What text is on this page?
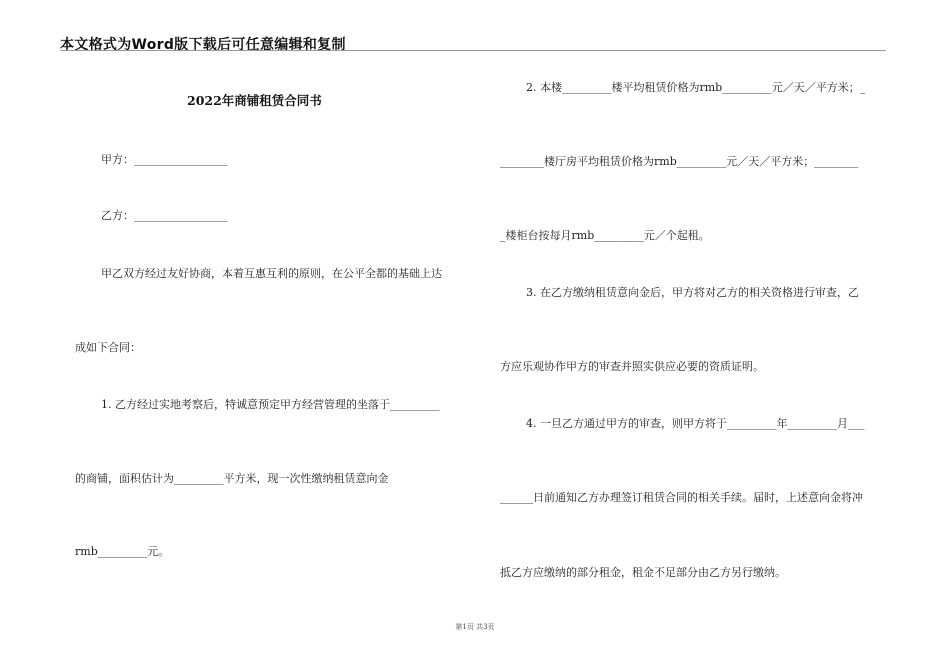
本文格式为Word版下载后可任意编辑和复制
2022年商铺租赁合同书
甲方：_________________
乙方：_________________
甲乙双方经过友好协商，本着互惠互利的原则，在公平全都的基础上达
成如下合同：
1. 乙方经过实地考察后，特诚意预定甲方经营管理的坐落于_________
的商铺，面积估计为_________平方米，现一次性缴纳租赁意向金
rmb_________元。
2. 本楼_________楼平均租赁价格为rmb_________元／天／平方米；_
________楼厅房平均租赁价格为rmb_________元／天／平方米；________
_楼柜台按每月rmb_________元／个起租。
3. 在乙方缴纳租赁意向金后，甲方将对乙方的相关资格进行审查，乙
方应乐观协作甲方的审查并照实供应必要的资质证明。
4. 一旦乙方通过甲方的审查，则甲方将于_________年_________月___
______日前通知乙方办理签订租赁合同的相关手续。届时，上述意向金将冲
抵乙方应缴纳的部分租金，租金不足部分由乙方另行缴纳。
第1页 共3页
